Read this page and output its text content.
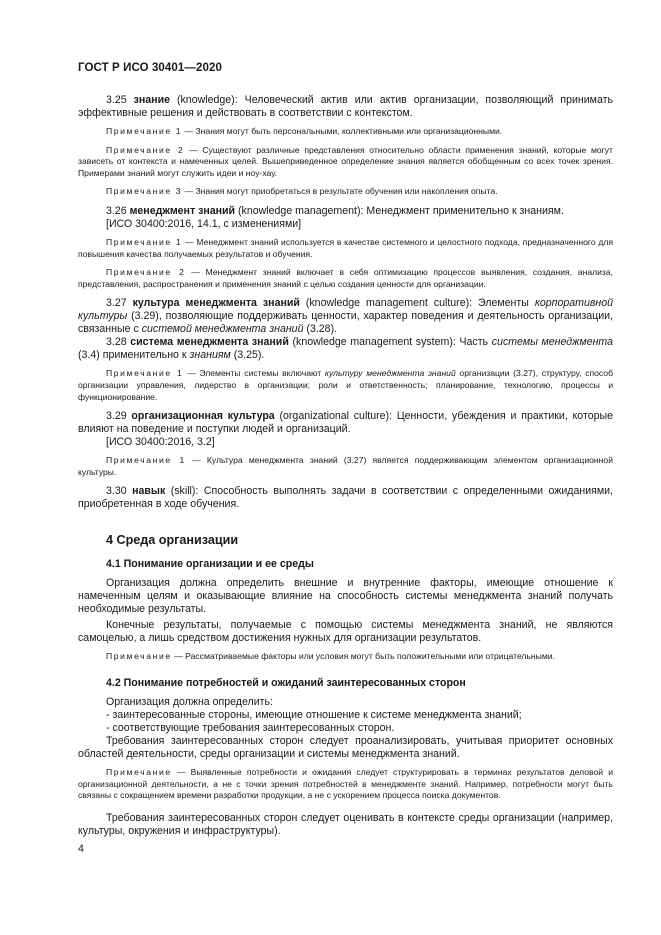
ГОСТ Р ИСО 30401—2020

3.25 знание (knowledge): Человеческий актив или актив организации, позволяющий принимать эффективные решения и действовать в соответствии с контекстом.

Примечание 1 — Знания могут быть персональными, коллективными или организационными.

Примечание 2 — Существуют различные представления относительно области применения знаний, которые могут зависеть от контекста и намеченных целей. Вышеприведенное определение знания является обобщенным со всех точек зрения. Примерами знаний могут служить идеи и ноу-хау.

Примечание 3 — Знания могут приобретаться в результате обучения или накопления опыта.

3.26 менеджмент знаний (knowledge management): Менеджмент применительно к знаниям.

[ИСО 30400:2016, 14.1, с изменениями]

Примечание 1 — Менеджмент знаний используется в качестве системного и целостного подхода, предназначенного для повышения качества получаемых результатов и обучения.

Примечание 2 — Менеджмент знаний включает в себя оптимизацию процессов выявления, создания, анализа, представления, распространения и применения знаний с целью создания ценности для организации.

3.27 культура менеджмента знаний (knowledge management culture): Элементы корпоративной культуры (3.29), позволяющие поддерживать ценности, характер поведения и деятельность организации, связанные с системой менеджмента знаний (3.28).

3.28 система менеджмента знаний (knowledge management system): Часть системы менеджмента (3.4) применительно к знаниям (3.25).

Примечание 1 — Элементы системы включают культуру менеджмента знаний организации (3.27), структуру, способ организации управления, лидерство в организации; роли и ответственность; планирование, технологию, процессы и функционирование.

3.29 организационная культура (organizational culture): Ценности, убеждения и практики, которые влияют на поведение и поступки людей и организаций.

[ИСО 30400:2016, 3.2]

Примечание 1 — Культура менеджмента знаний (3.27) является поддерживающим элементом организационной культуры.

3.30 навык (skill): Способность выполнять задачи в соответствии с определенными ожиданиями, приобретенная в ходе обучения.

4 Среда организации
4.1 Понимание организации и ее среды

Организация должна определить внешние и внутренние факторы, имеющие отношение к намеченным целям и оказывающие влияние на способность системы менеджмента знаний получать необходимые результаты.

Конечные результаты, получаемые с помощью системы менеджмента знаний, не являются самоцелью, а лишь средством достижения нужных для организации результатов.

Примечание — Рассматриваемые факторы или условия могут быть положительными или отрицательными.

4.2 Понимание потребностей и ожиданий заинтересованных сторон

Организация должна определить:

- заинтересованные стороны, имеющие отношение к системе менеджмента знаний;

- соответствующие требования заинтересованных сторон.

Требования заинтересованных сторон следует проанализировать, учитывая приоритет основных областей деятельности, среды организации и системы менеджмента знаний.

Примечание — Выявленные потребности и ожидания следует структурировать в терминах результатов деловой и организационной деятельности, а не с точки зрения потребностей в менеджменте знаний. Например, потребности могут быть связаны с сокращением времени разработки продукции, а не с ускорением процесса поиска документов.

Требования заинтересованных сторон следует оценивать в контексте среды организации (например, культуры, окружения и инфраструктуры).

4
